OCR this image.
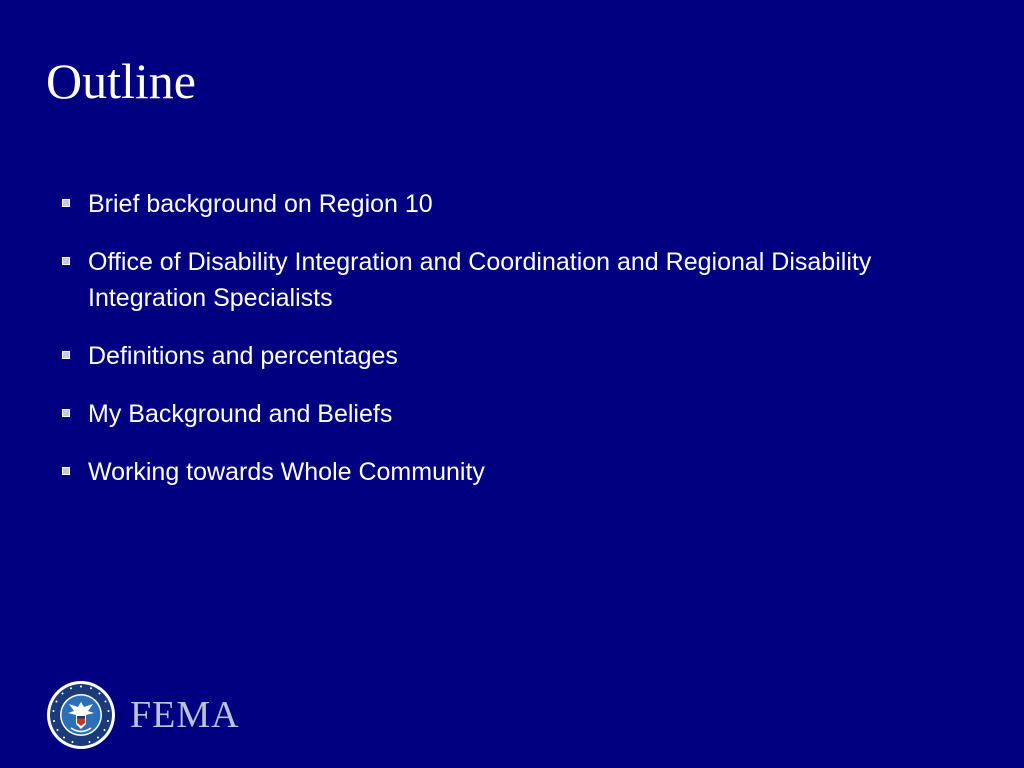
Outline
Brief background on Region 10
Office of Disability Integration and Coordination and Regional Disability Integration Specialists
Definitions and percentages
My Background and Beliefs
Working towards Whole Community
FEMA
